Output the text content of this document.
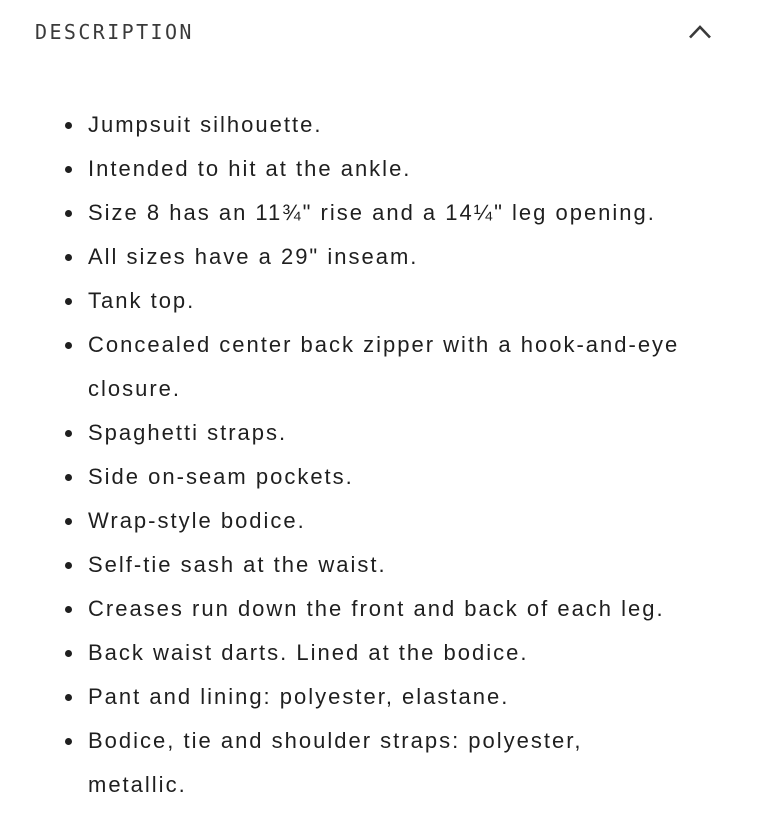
DESCRIPTION
Jumpsuit silhouette.
Intended to hit at the ankle.
Size 8 has an 11¾" rise and a 14¼" leg opening.
All sizes have a 29" inseam.
Tank top.
Concealed center back zipper with a hook-and-eye closure.
Spaghetti straps.
Side on-seam pockets.
Wrap-style bodice.
Self-tie sash at the waist.
Creases run down the front and back of each leg.
Back waist darts. Lined at the bodice.
Pant and lining: polyester, elastane.
Bodice, tie and shoulder straps: polyester, metallic.
